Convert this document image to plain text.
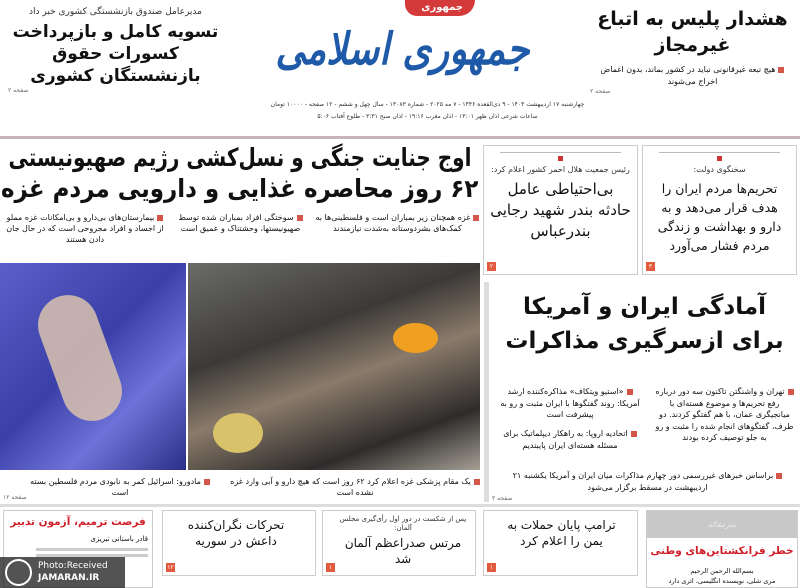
مدیرعامل صندوق بازنشستگی کشوری خبر داد
تسویه کامل و بازپرداخت کسورات حقوق بازنشستگان کشوری
صفحه ۲
جمهوری
جمهوری اسلامی
چهارشنبه ۱۷ اردیبهشت ۱۴۰۴ - ۹ ذی‌القعده ۱۴۴۶ - ۷ مه ۲۰۲۵ - شماره ۱۳۰۸۳ - سال چهل و ششم - ۱۲ صفحه - ۱۰۰۰۰ تومان
ساعات شرعی اذان ظهر ۱۳:۰۱ - اذان مغرب ۱۹:۱۶ - اذان صبح ۳:۳۱ - طلوع آفتاب ۵:۰۶
هشدار پلیس به اتباع غیرمجاز
هیچ تبعه غیرقانونی نباید در کشور بماند، بدون اغماض اخراج می‌شوند
صفحه ۲
اوج جنایت جنگی و نسل‌کشی رژیم صهیونیستی
۶۲ روز محاصره غذایی و دارویی مردم غزه
بیمارستان‌های بی‌دارو و بی‌امکانات غزه مملو از اجساد و افراد مجروحی است که در حال جان دادن هستند
سوختگی افراد بمباران شده توسط صهیونیستها، وحشتناک و عمیق است
غزه همچنان زیر بمباران است و فلسطینی‌ها به کمک‌های بشردوستانه به‌شدت نیازمندند
مادورو: اسرائیل کمر به نابودی مردم فلسطین بسته است
یک مقام پزشکی غزه اعلام کرد ۶۲ روز است که هیچ دارو و آبی وارد غزه نشده است
صفحه ۱۲
رئیس جمعیت هلال احمر کشور اعلام کرد:
بی‌احتیاطی عامل حادثه بندر شهید رجایی بندرعباس
۲
سخنگوی دولت:
تحریم‌ها مردم ایران را هدف قرار می‌دهد و به دارو و بهداشت و زندگی مردم فشار می‌آورد
۳
آمادگی ایران و آمریکا
برای ازسرگیری مذاکرات
تهران و واشنگتن تاکنون سه دور درباره رفع تحریم‌ها و موضوع هسته‌ای با میانجیگری عمان، با هم گفتگو کردند. دو طرف، گفتگوهای انجام شده را مثبت و رو به جلو توصیف کرده بودند
«استیو ویتکاف» مذاکره‌کننده ارشد آمریکا: روند گفتگوها با ایران مثبت و رو به پیشرفت است
اتحادیه اروپا: به راهکار دیپلماتیک برای مسئله هسته‌ای ایران پایبندیم
براساس خبرهای غیررسمی دور چهارم مذاکرات میان ایران و آمریکا یکشنبه ۲۱ اردیبهشت در مسقط برگزار می‌شود
صفحه ۳
فرصت ترمیم، آزمون تدبیر
قادر باستانی تبریزی
Photo:Received
JAMARAN.IR
تحرکات نگران‌کننده داعش در سوریه
۱۲
پس از شکست در دور اول رأی‌گیری مجلس آلمان:
مرتس صدراعظم آلمان شد
۱
ترامپ پایان حملات به یمن را اعلام کرد
۱
سرمقاله
خطر فرانکشتاین‌های وطنی
بسم‌الله الرحمن الرحیم
مری شلی، نویسنده انگلیسی، اثری دارد
